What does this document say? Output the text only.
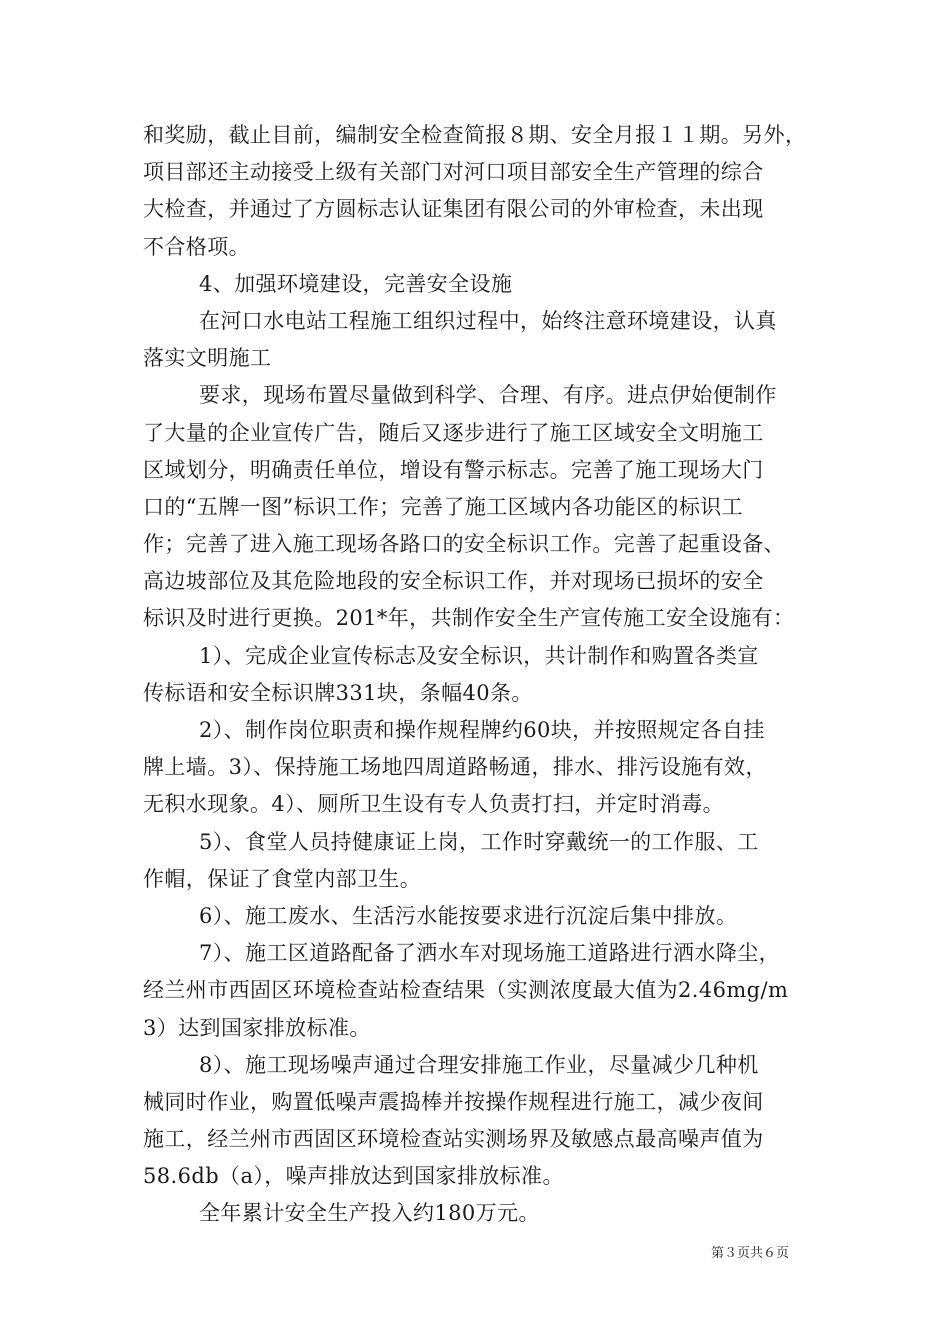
和奖励，截止目前，编制安全检查简报８期、安全月报１１期。另外，
项目部还主动接受上级有关部门对河口项目部安全生产管理的综合
大检查，并通过了方圆标志认证集团有限公司的外审检查，未出现
不合格项。
4、加强环境建设，完善安全设施
在河口水电站工程施工组织过程中，始终注意环境建设，认真
落实文明施工
要求，现场布置尽量做到科学、合理、有序。进点伊始便制作
了大量的企业宣传广告，随后又逐步进行了施工区域安全文明施工
区域划分，明确责任单位，增设有警示标志。完善了施工现场大门
口的“五牌一图”标识工作；完善了施工区域内各功能区的标识工
作；完善了进入施工现场各路口的安全标识工作。完善了起重设备、
高边坡部位及其危险地段的安全标识工作，并对现场已损坏的安全
标识及时进行更换。201*年，共制作安全生产宣传施工安全设施有：
1）、完成企业宣传标志及安全标识，共计制作和购置各类宣
传标语和安全标识牌331块，条幅40条。
2）、制作岗位职责和操作规程牌约60块，并按照规定各自挂
牌上墙。3）、保持施工场地四周道路畅通，排水、排污设施有效，
无积水现象。4）、厕所卫生设有专人负责打扫，并定时消毒。
5）、食堂人员持健康证上岗，工作时穿戴统一的工作服、工
作帽，保证了食堂内部卫生。
6）、施工废水、生活污水能按要求进行沉淀后集中排放。
7）、施工区道路配备了洒水车对现场施工道路进行洒水降尘，
经兰州市西固区环境检查站检查结果（实测浓度最大值为2.46mg/m
3）达到国家排放标准。
8）、施工现场噪声通过合理安排施工作业，尽量减少几种机
械同时作业，购置低噪声震捣棒并按操作规程进行施工，减少夜间
施工，经兰州市西固区环境检查站实测场界及敏感点最高噪声值为
58.6db（a），噪声排放达到国家排放标准。
全年累计安全生产投入约180万元。
第３页共６页
